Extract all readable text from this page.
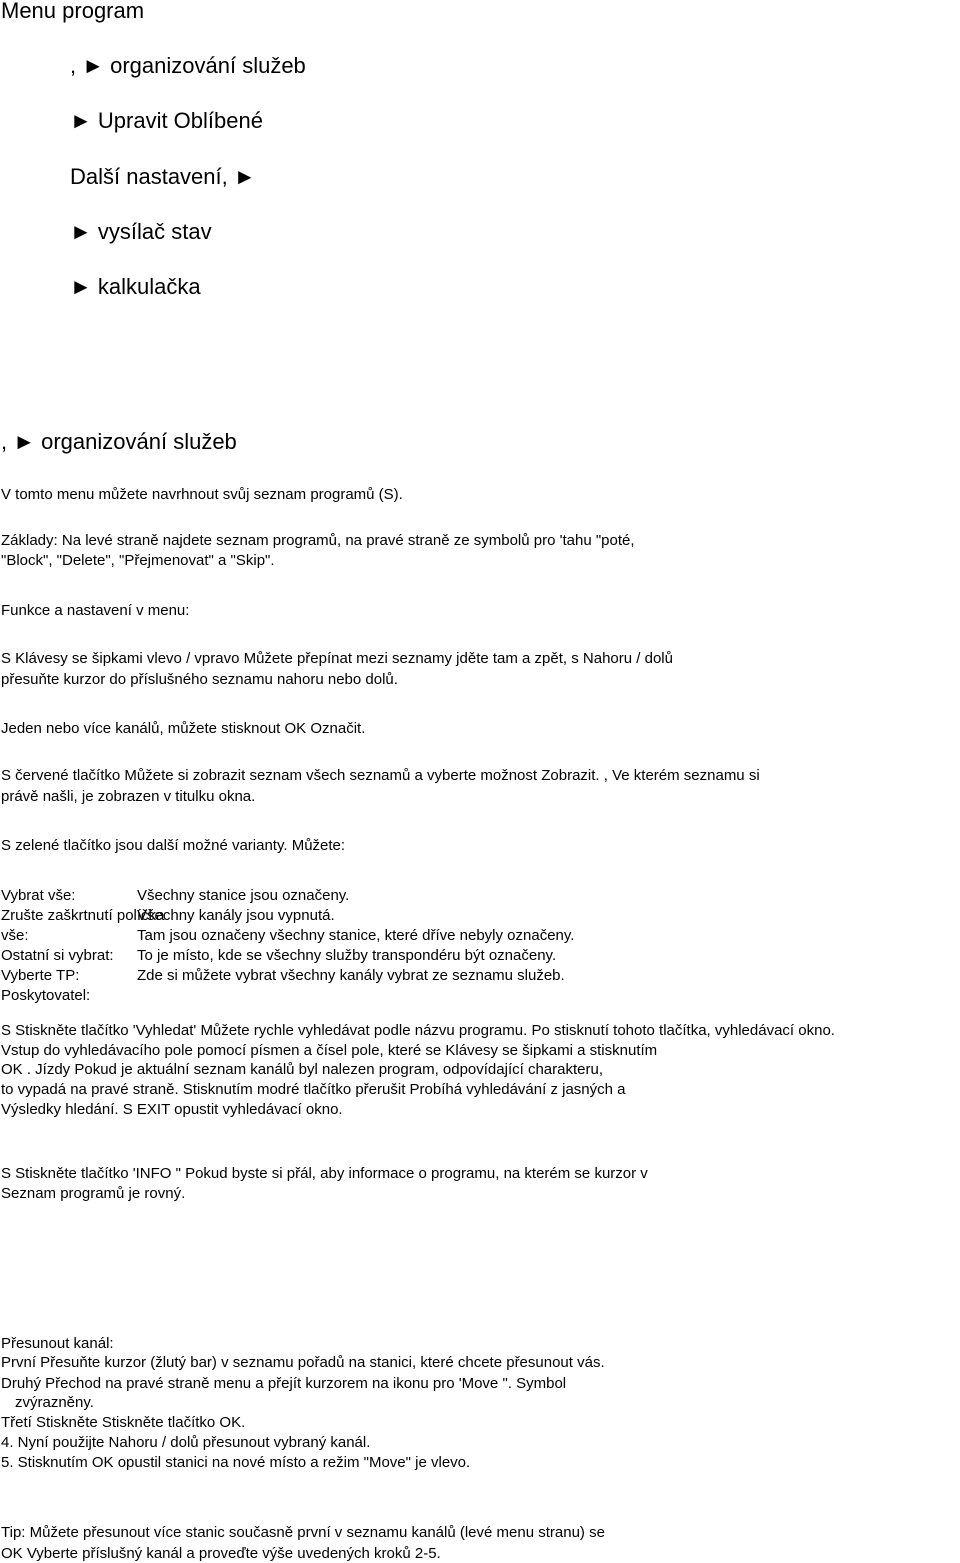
Menu program
, ► organizování služeb
► Upravit Oblíbené
Další nastavení, ►
► vysílač stav
► kalkulačka
, ► organizování služeb
V tomto menu můžete navrhnout svůj seznam programů (S).
Základy: Na levé straně najdete seznam programů, na pravé straně ze symbolů pro 'tahu "poté,
"Block", "Delete", "Přejmenovat" a "Skip".
Funkce a nastavení v menu:
S Klávesy se šipkami vlevo / vpravo Můžete přepínat mezi seznamy jděte tam a zpět, s Nahoru / dolů
přesuňte kurzor do příslušného seznamu nahoru nebo dolů.
Jeden nebo více kanálů, můžete stisknout OK Označit.
S červené tlačítko Můžete si zobrazit seznam všech seznamů a vyberte možnost Zobrazit. , Ve kterém seznamu si
právě našli, je zobrazen v titulku okna.
S zelené tlačítko jsou další možné varianty. Můžete:
Vybrat vše:
Zrušte zaškrtnutí políčka
vše:
Ostatní si vybrat:
Vyberte TP:
Poskytovatel:
Všechny stanice jsou označeny.
Všechny kanály jsou vypnutá.
Tam jsou označeny všechny stanice, které dříve nebyly označeny.
To je místo, kde se všechny služby transpondéru být označeny.
Zde si můžete vybrat všechny kanály vybrat ze seznamu služeb.
S Stiskněte tlačítko 'Vyhledat' Můžete rychle vyhledávat podle názvu programu. Po stisknutí tohoto tlačítka, vyhledávací okno.
Vstup do vyhledávacího pole pomocí písmen a čísel pole, které se Klávesy se šipkami a stisknutím
OK . Jízdy Pokud je aktuální seznam kanálů byl nalezen program, odpovídající charakteru,
to vypadá na pravé straně. Stisknutím modré tlačítko přerušit Probíhá vyhledávání z jasných a
Výsledky hledání. S EXIT opustit vyhledávací okno.
S Stiskněte tlačítko 'INFO " Pokud byste si přál, aby informace o programu, na kterém se kurzor v
Seznam programů je rovný.
Přesunout kanál:
První Přesuňte kurzor (žlutý bar) v seznamu pořadů na stanici, které chcete přesunout vás.
Druhý Přechod na pravé straně menu a přejít kurzorem na ikonu pro 'Move ". Symbol
zvýrazněny.
Třetí Stiskněte Stiskněte tlačítko OK.
4. Nyní použijte Nahoru / dolů přesunout vybraný kanál.
5. Stisknutím OK opustil stanici na nové místo a režim "Move" je vlevo.
Tip: Můžete přesunout více stanic současně první v seznamu kanálů (levé menu stranu) se
OK Vyberte příslušný kanál a proveďte výše uvedených kroků 2-5.
